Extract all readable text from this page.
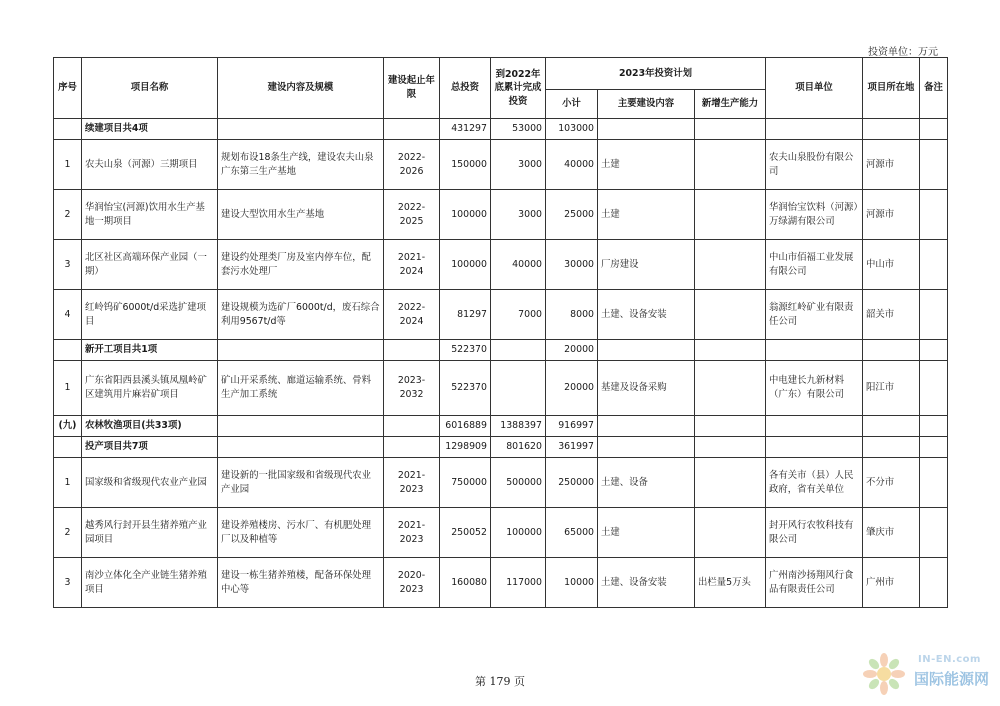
投资单位：万元
序号	项目名称	建设内容及规模	建设起止年限	总投资	到2022年底累计完成投资	2023年投资计划			项目单位	项目所在地	备注
						小计	主要建设内容	新增生产能力			
	续建项目共4项			431297	53000	103000					
1	农夫山泉（河源）三期项目	规划布设18条生产线，建设农夫山泉广东第三生产基地	2022-2026	150000	3000	40000	土建		农夫山泉股份有限公司	河源市	
2	华润怡宝(河源)饮用水生产基地一期项目	建设大型饮用水生产基地	2022-2025	100000	3000	25000	土建		华润怡宝饮料（河源）万绿湖有限公司	河源市	
3	北区社区高端环保产业园（一期）	建设约处理类厂房及室内停车位，配套污水处理厂	2021-2024	100000	40000	30000	厂房建设		中山市佰福工业发展有限公司	中山市	
4	红岭钨矿6000t/d采选扩建项目	建设规模为选矿厂6000t/d，废石综合利用9567t/d等	2022-2024	81297	7000	8000	土建、设备安装		翁源红岭矿业有限责任公司	韶关市	
	新开工项目共1项			522370		20000					
1	广东省阳西县溪头镇凤凰岭矿区建筑用片麻岩矿项目	矿山开采系统、廊道运输系统、骨料生产加工系统	2023-2032	522370		20000	基建及设备采购		中电建长九新材料（广东）有限公司	阳江市	
(九)	农林牧渔项目(共33项)			6016889	1388397	916997					
	投产项目共7项			1298909	801620	361997					
1	国家级和省级现代农业产业园	建设新的一批国家级和省级现代农业产业园	2021-2023	750000	500000	250000	土建、设备		各有关市（县）人民政府，省有关单位	不分市	
2	越秀风行封开县生猪养殖产业园项目	建设养殖楼房、污水厂、有机肥处理厂以及种植等	2021-2023	250052	100000	65000	土建		封开风行农牧科技有限公司	肇庆市	
3	南沙立体化全产业链生猪养殖项目	建设一栋生猪养殖楼，配备环保处理中心等	2020-2023	160080	117000	10000	土建、设备安装	出栏量5万头	广州南沙扬翔风行食品有限责任公司	广州市	
第 179 页
IN-EN.com
国际能源网
